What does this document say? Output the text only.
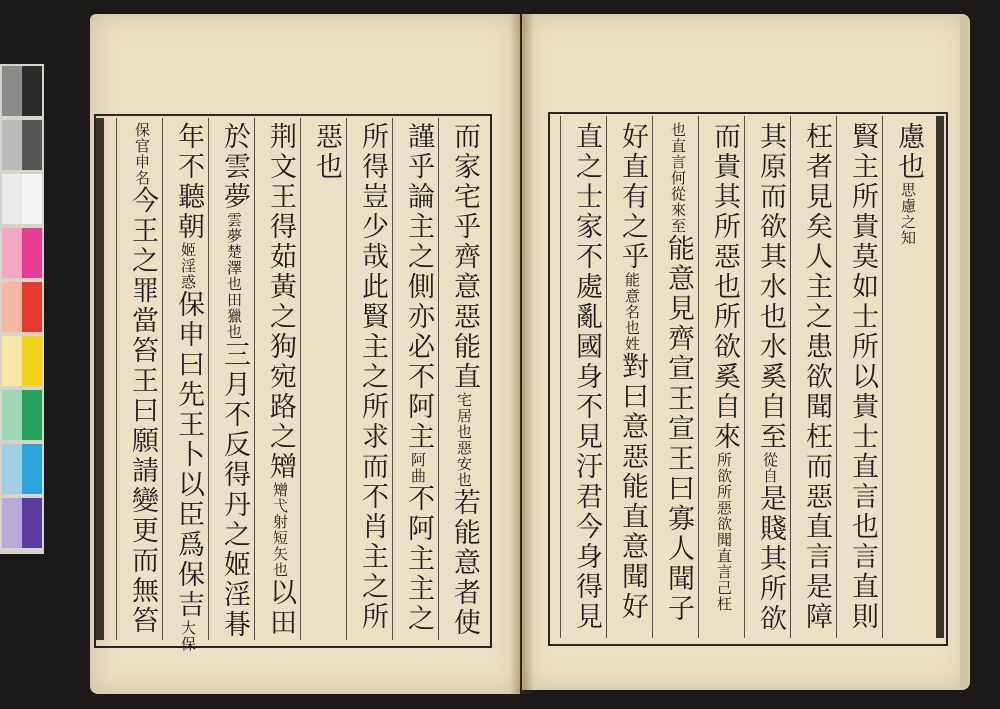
慮也思慮之知
賢主所貴莫如士所以貴士直言也言直則
枉者見矣人主之患欲聞枉而惡直言是障
其原而欲其水也水奚自至從自是賤其所欲
而貴其所惡也所欲奚自來所欲所惡欲聞直言己枉
也直言何從來至能意見齊宣王宣王曰寡人聞子
好直有之乎能意名也姓對曰意惡能直意聞好
直之士家不處亂國身不見汙君今身得見
而家宅乎齊意惡能直宅居也惡安也若能意者使
謹乎論主之側亦必不阿主阿曲不阿主主之
所得豈少哉此賢主之所求而不肖主之所
惡也
荆文王得茹黃之狗宛路之矰矰弋射短矢也以田
於雲夢雲夢楚澤也田獵也三月不反得丹之姬淫朞
年不聽朝姬淫惑保申曰先王卜以臣爲保吉大保
保官申名今王之罪當笞王曰願請變更而無笞
